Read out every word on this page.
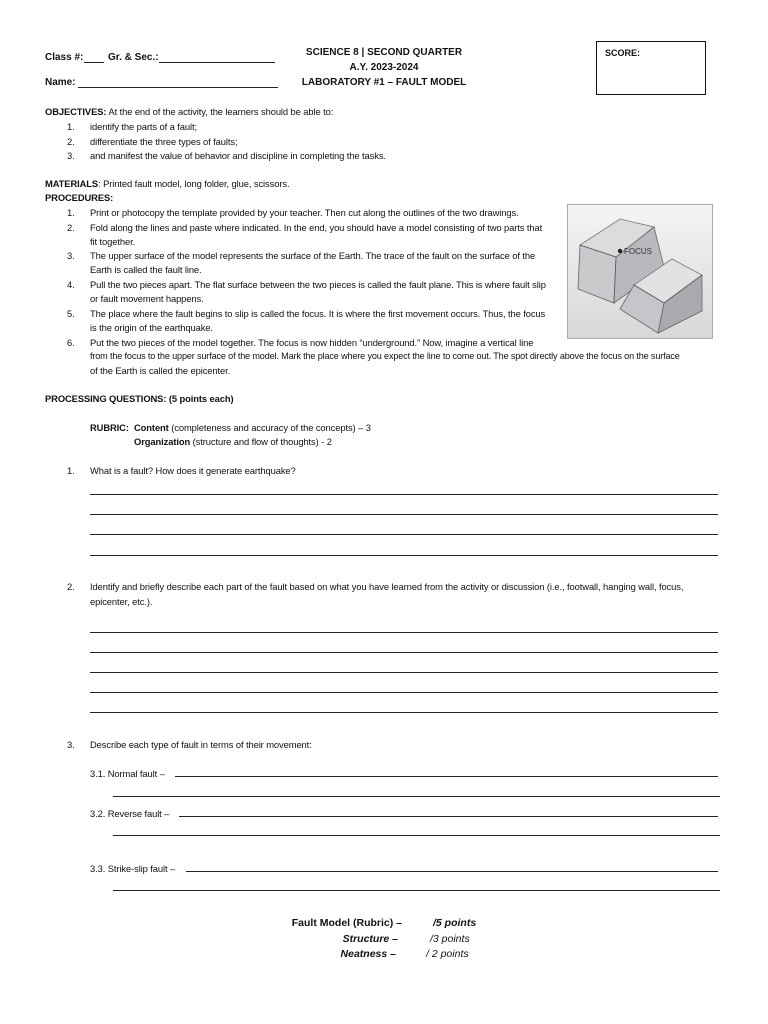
Class #: Gr. & Sec.:
Name:
SCIENCE 8 | SECOND QUARTER
A.Y. 2023-2024
LABORATORY #1 – FAULT MODEL
SCORE:
OBJECTIVES: At the end of the activity, the learners should be able to:
1. identify the parts of a fault;
2. differentiate the three types of faults;
3. and manifest the value of behavior and discipline in completing the tasks.
MATERIALS: Printed fault model, long folder, glue, scissors.
PROCEDURES:
1. Print or photocopy the template provided by your teacher. Then cut along the outlines of the two drawings.
2. Fold along the lines and paste where indicated. In the end, you should have a model consisting of two parts that
fit together.
3. The upper surface of the model represents the surface of the Earth. The trace of the fault on the surface of the
Earth is called the fault line.
4. Pull the two pieces apart. The flat surface between the two pieces is called the fault plane. This is where fault slip
or fault movement happens.
5. The place where the fault begins to slip is called the focus. It is where the first movement occurs. Thus, the focus
is the origin of the earthquake.
6. Put the two pieces of the model together. The focus is now hidden “underground.” Now, imagine a vertical line
from the focus to the upper surface of the model. Mark the place where you expect the line to come out. The spot directly above the focus on the surface
of the Earth is called the epicenter.
FOCUS
PROCESSING QUESTIONS: (5 points each)
RUBRIC: Content (completeness and accuracy of the concepts) – 3
Organization (structure and flow of thoughts) - 2
1. What is a fault? How does it generate earthquake?
2. Identify and briefly describe each part of the fault based on what you have learned from the activity or discussion (i.e., footwall, hanging wall, focus,
epicenter, etc.).
3. Describe each type of fault in terms of their movement:
3.1. Normal fault –
3.2. Reverse fault –
3.3. Strike-slip fault –
Fault Model (Rubric) –	/5 points
Structure –	/3 points
Neatness –	/ 2 points
